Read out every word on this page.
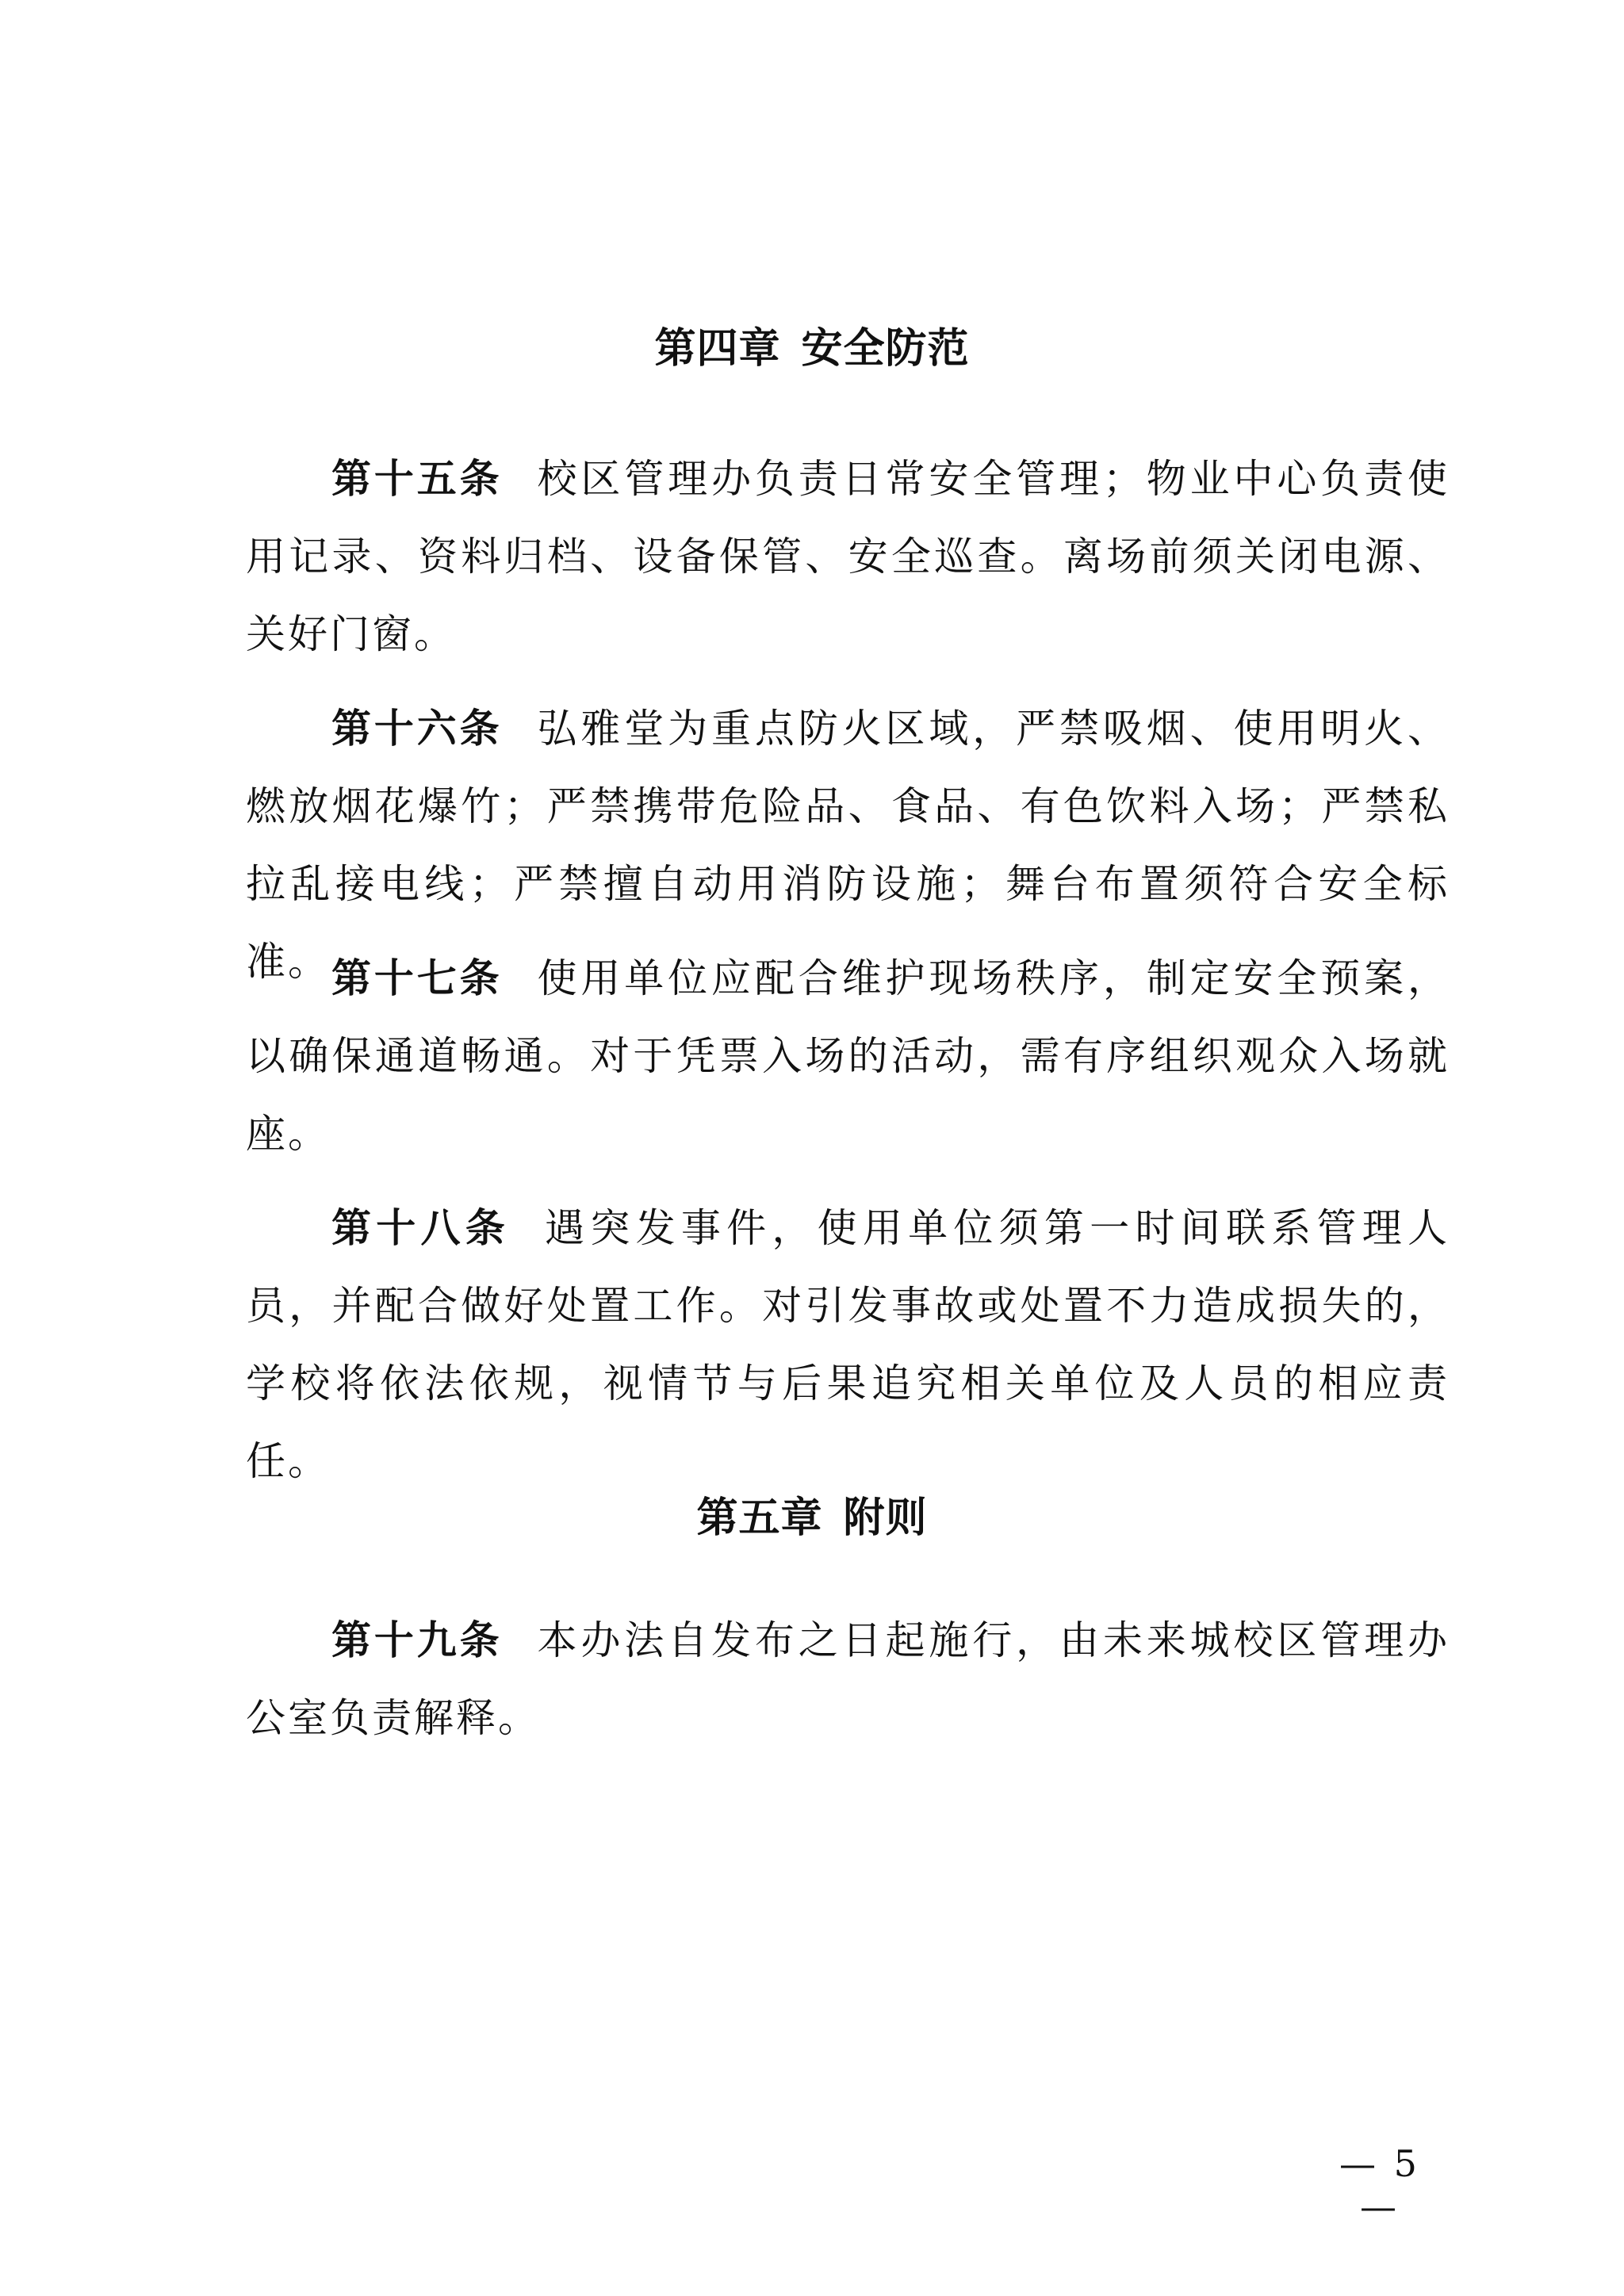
第四章 安全防范

第十五条 校区管理办负责日常安全管理；物业中心负责使用记录、资料归档、设备保管、安全巡查。离场前须关闭电源、关好门窗。

第十六条 弘雅堂为重点防火区域，严禁吸烟、使用明火、燃放烟花爆竹；严禁携带危险品、食品、有色饮料入场；严禁私拉乱接电线；严禁擅自动用消防设施；舞台布置须符合安全标准。 第十七条 使用单位应配合维护现场秩序，制定安全预案，以确保通道畅通。对于凭票入场的活动，需有序组织观众入场就座。

第十八条 遇突发事件，使用单位须第一时间联系管理人员，并配合做好处置工作。对引发事故或处置不力造成损失的，学校将依法依规，视情节与后果追究相关单位及人员的相应责任。

第五章 附则

第十九条 本办法自发布之日起施行，由未来城校区管理办公室负责解释。

— 5 —
